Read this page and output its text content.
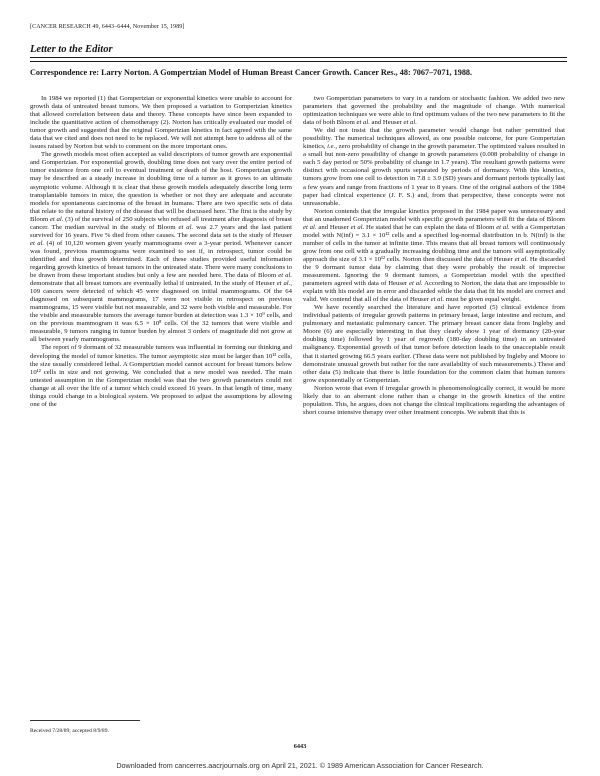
[CANCER RESEARCH 49, 6443–6444, November 15, 1989]
Letter to the Editor
Correspondence re: Larry Norton. A Gompertzian Model of Human Breast Cancer Growth. Cancer Res., 48: 7067–7071, 1988.

In 1984 we reported (1) that Gompertzian or exponential kinetics were unable to account for growth data of untreated breast tumors. We then proposed a variation to Gompertzian kinetics that allowed correlation between data and theory. These concepts have since been expanded to include the quantitative action of chemotherapy (2). Norton has critically evaluated our model of tumor growth and suggested that the original Gompertzian kinetics in fact agreed with the same data that we cited and does not need to be replaced. We will not attempt here to address all of the issues raised by Norton but wish to comment on the more important ones.

The growth models most often accepted as valid descriptors of tumor growth are exponential and Gompertzian. For exponential growth, doubling time does not vary over the entire period of tumor existence from one cell to eventual treatment or death of the host. Gompertzian growth may be described as a steady increase in doubling time of a tumor as it grows to an ultimate asymptotic volume. Although it is clear that these growth models adequately describe long term transplantable tumors in mice, the question is whether or not they are adequate and accurate models for spontaneous carcinoma of the breast in humans. There are two specific sets of data that relate to the natural history of the disease that will be discussed here. The first is the study by Bloom et al. (3) of the survival of 250 subjects who refused all treatment after diagnosis of breast cancer. The median survival in the study of Bloom et al. was 2.7 years and the last patient survived for 16 years. Five % died from other causes. The second data set is the study of Heuser et al. (4) of 10,120 women given yearly mammograms over a 3-year period. Whenever cancer was found, previous mammograms were examined to see if, in retrospect, tumor could be identified and thus growth determined. Each of these studies provided useful information regarding growth kinetics of breast tumors in the untreated state. There were many conclusions to be drawn from these important studies but only a few are needed here. The data of Bloom et al. demonstrate that all breast tumors are eventually lethal if untreated. In the study of Heuser et al., 109 cancers were detected of which 45 were diagnosed on initial mammograms. Of the 64 diagnosed on subsequent mammograms, 17 were not visible in retrospect on previous mammograms, 15 were visible but not measurable, and 32 were both visible and measurable. For the visible and measurable tumors the average tumor burden at detection was 1.3 × 10⁹ cells, and on the previous mammogram it was 6.5 × 10⁸ cells. Of the 32 tumors that were visible and measurable, 9 tumors ranging in tumor burden by almost 3 orders of magnitude did not grow at all between yearly mammograms.

The report of 9 dormant of 32 measurable tumors was influential in forming our thinking and developing the model of tumor kinetics. The tumor asymptotic size must be larger than 10¹³ cells, the size usually considered lethal. A Gompertzian model cannot account for breast tumors below 10¹² cells in size and not growing. We concluded that a new model was needed. The main untested assumption in the Gompertzian model was that the two growth parameters could not change at all over the life of a tumor which could exceed 16 years. In that length of time, many things could change in a biological system. We proposed to adjust the assumptions by allowing one of the

two Gompertzian parameters to vary in a random or stochastic fashion. We added two new parameters that governed the probability and the magnitude of change. With numerical optimization techniques we were able to find optimum values of the two new parameters to fit the data of both Bloom et al. and Heuser et al.

We did not insist that the growth parameter would change but rather permitted that possibility. The numerical techniques allowed, as one possible outcome, for pure Gompertzian kinetics, i.e., zero probability of change in the growth parameter. The optimized values resulted in a small but non-zero possibility of change in growth parameters (0.008 probability of change in each 5 day period or 50% probability of change in 1.7 years). The resultant growth patterns were distinct with occasional growth spurts separated by periods of dormancy. With this kinetics, tumors grow from one cell to detection in 7.8 ± 3.9 (SD) years and dormant periods typically last a few years and range from fractions of 1 year to 8 years. One of the original authors of the 1984 paper had clinical experience (J. F. S.) and, from that perspective, these concepts were not unreasonable.

Norton contends that the irregular kinetics proposed in the 1984 paper was unnecessary and that an unadorned Gompertzian model with specific growth parameters will fit the data of Bloom et al. and Heuser et al. He stated that he can explain the data of Bloom et al. with a Gompertzian model with N(inf) = 3.1 × 10¹² cells and a specified log-normal distribution in b. N(inf) is the number of cells in the tumor at infinite time. This means that all breast tumors will continuously grow from one cell with a gradually increasing doubling time and the tumors will asymptotically approach the size of 3.1 × 10¹² cells. Norton then discussed the data of Heuser et al. He discarded the 9 dormant tumor data by claiming that they were probably the result of imprecise measurement. Ignoring the 9 dormant tumors, a Gompertzian model with the specified parameters agreed with data of Heuser et al. According to Norton, the data that are impossible to explain with his model are in error and discarded while the data that fit his model are correct and valid. We contend that all of the data of Heuser et al. must be given equal weight.

We have recently searched the literature and have reported (5) clinical evidence from individual patients of irregular growth patterns in primary breast, large intestine and rectum, and pulmonary and metastatic pulmonary cancer. The primary breast cancer data from Ingleby and Moore (6) are especially interesting in that they clearly show 1 year of dormancy (20-year doubling time) followed by 1 year of regrowth (180-day doubling time) in an untreated malignancy. Exponential growth of that tumor before detection leads to the unacceptable result that it started growing 66.5 years earlier. (These data were not published by Ingleby and Moore to demonstrate unusual growth but rather for the rare availability of such measurements.) These and other data (5) indicate that there is little foundation for the common claim that human tumors grow exponentially or Gompertzian.

Norton wrote that even if irregular growth is phenomenologically correct, it would be more likely due to an aberrant clone rather than a change in the growth kinetics of the entire population. This, he argues, does not change the clinical implications regarding the advantages of short course intensive therapy over other treatment concepts. We submit that this is

Received 7/28/89; accepted 8/9/89.
6443
Downloaded from cancerres.aacrjournals.org on April 21, 2021. © 1989 American Association for Cancer Research.
